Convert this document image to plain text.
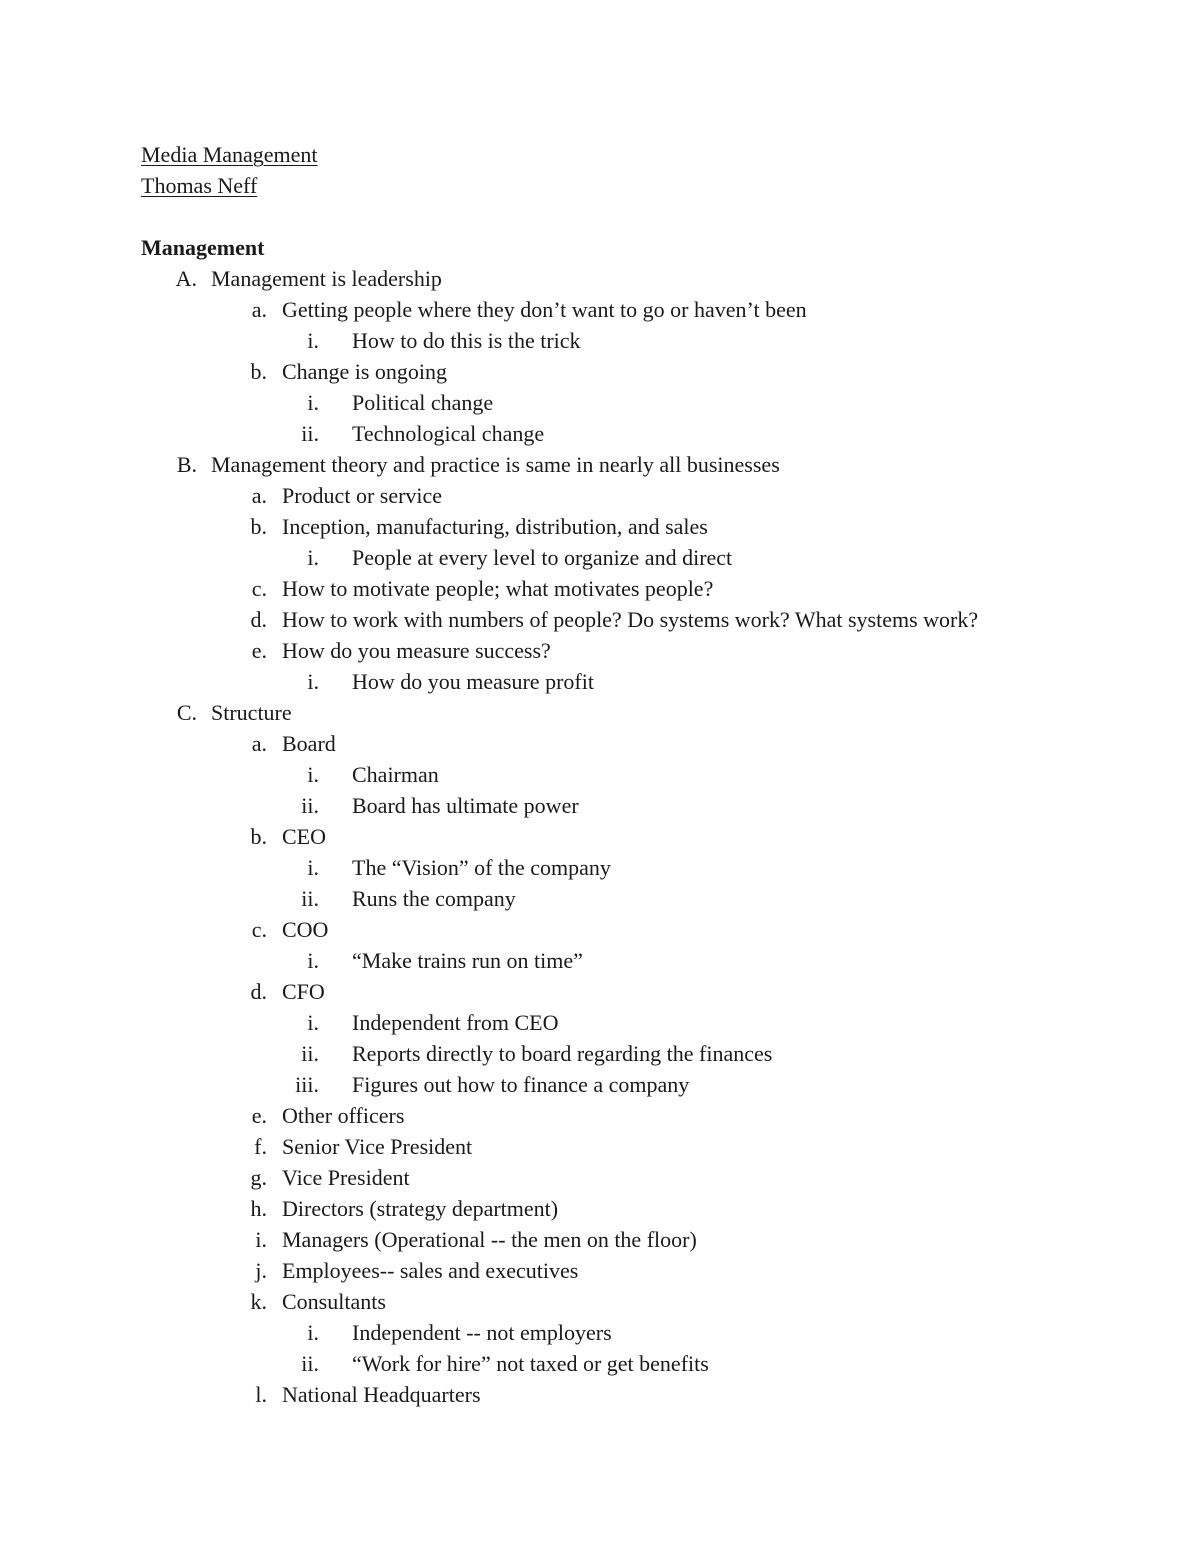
Media Management
Thomas Neff
Management
A. Management is leadership
a. Getting people where they don’t want to go or haven’t been
i. How to do this is the trick
b. Change is ongoing
i. Political change
ii. Technological change
B. Management theory and practice is same in nearly all businesses
a. Product or service
b. Inception, manufacturing, distribution, and sales
i. People at every level to organize and direct
c. How to motivate people; what motivates people?
d. How to work with numbers of people? Do systems work? What systems work?
e. How do you measure success?
i. How do you measure profit
C. Structure
a. Board
i. Chairman
ii. Board has ultimate power
b. CEO
i. The “Vision” of the company
ii. Runs the company
c. COO
i. “Make trains run on time”
d. CFO
i. Independent from CEO
ii. Reports directly to board regarding the finances
iii. Figures out how to finance a company
e. Other officers
f. Senior Vice President
g. Vice President
h. Directors (strategy department)
i. Managers (Operational -- the men on the floor)
j. Employees-- sales and executives
k. Consultants
i. Independent -- not employers
ii. “Work for hire” not taxed or get benefits
l. National Headquarters
